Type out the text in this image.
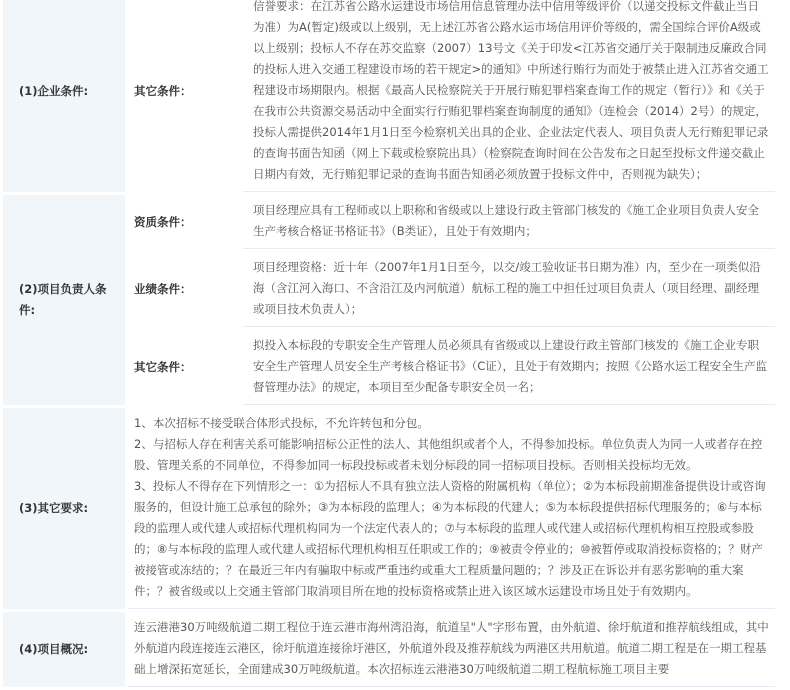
(1)企业条件:	其它条件：	信誉要求：在江苏省公路水运建设市场信用信息管理办法中信用等级评价（以递交投标文件截止当日为准）为A(暂定)级或以上级别，无上述江苏省公路水运市场信用评价等级的，需全国综合评价A级或以上级别；投标人不存在苏交监察（2007）13号文《关于印发<江苏省交通厅关于限制违反廉政合同的投标人进入交通工程建设市场的若干规定>的通知》中所述行贿行为而处于被禁止进入江苏省交通工程建设市场期限内。根据《最高人民检察院关于开展行贿犯罪档案查询工作的规定（暂行）》和《关于在我市公共资源交易活动中全面实行行贿犯罪档案查询制度的通知》（连检会（2014）2号）的规定，投标人需提供2014年1月1日至今检察机关出具的企业、企业法定代表人、项目负责人无行贿犯罪记录的查询书面告知函（网上下载或检察院出具）（检察院查询时间在公告发布之日起至投标文件递交截止日期内有效，无行贿犯罪记录的查询书面告知函必须放置于投标文件中，否则视为缺失）；
(2)项目负责人条件:	资质条件：	项目经理应具有工程师或以上职称和省级或以上建设行政主管部门核发的《施工企业项目负责人安全生产考核合格证书格证书》（B类证），且处于有效期内；
	业绩条件：	项目经理资格：近十年（2007年1月1日至今，以交/竣工验收证书日期为准）内，至少在一项类似沿海（含江河入海口、不含沿江及内河航道）航标工程的施工中担任过项目负责人（项目经理、副经理或项目技术负责人）；
	其它条件：	拟投入本标段的专职安全生产管理人员必须具有省级或以上建设行政主管部门核发的《施工企业专职安全生产管理人员安全生产考核合格证书》（C证），且处于有效期内；按照《公路水运工程安全生产监督管理办法》的规定，本项目至少配备专职安全员一名；
(3)其它要求:	1、本次招标不接受联合体形式投标，不允许转包和分包。
2、与招标人存在利害关系可能影响招标公正性的法人、其他组织或者个人，不得参加投标。单位负责人为同一人或者存在控股、管理关系的不同单位，不得参加同一标段投标或者未划分标段的同一招标项目投标。否则相关投标均无效。
3、投标人不得存在下列情形之一：①为招标人不具有独立法人资格的附属机构（单位）；②为本标段前期准备提供设计或咨询服务的，但设计施工总承包的除外；③为本标段的监理人；④为本标段的代建人；⑤为本标段提供招标代理服务的；⑥与本标段的监理人或代建人或招标代理机构同为一个法定代表人的；⑦与本标段的监理人或代建人或招标代理机构相互控股或参股的；⑧与本标段的监理人或代建人或招标代理机构相互任职或工作的；⑨被责令停业的；⑩被暂停或取消投标资格的；？财产被接管或冻结的；？在最近三年内有骗取中标或严重违约或重大工程质量问题的；？涉及正在诉讼并有恶劣影响的重大案件；？被省级或以上交通主管部门取消项目所在地的投标资格或禁止进入该区域水运建设市场且处于有效期内。	

(4)项目概况:	连云港港30万吨级航道二期工程位于连云港市海州湾沿海，航道呈"人"字形布置，由外航道、徐圩航道和推荐航线组成，其中外航道内段连接连云港区，徐圩航道连接徐圩港区，外航道外段及推荐航线为两港区共用航道。航道二期工程是在一期工程基础上增深拓宽延长，全面建成30万吨级航道。本次招标连云港港30万吨级航道二期工程航标施工项目主要	
